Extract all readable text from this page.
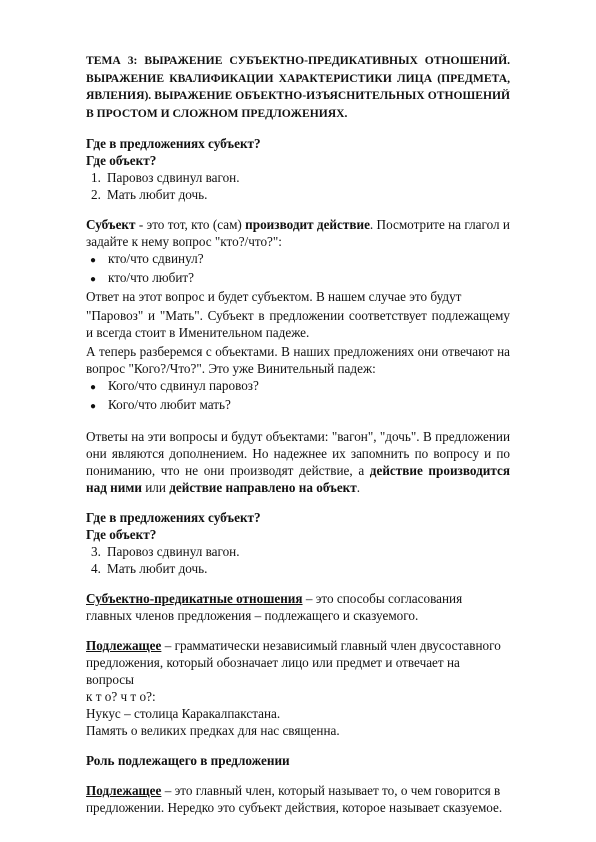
ТЕМА 3: ВЫРАЖЕНИЕ СУБЪЕКТНО-ПРЕДИКАТИВНЫХ ОТНОШЕНИЙ. ВЫРАЖЕНИЕ КВАЛИФИКАЦИИ ХАРАКТЕРИСТИКИ ЛИЦА (ПРЕДМЕТА, ЯВЛЕНИЯ). ВЫРАЖЕНИЕ ОБЪЕКТНО-ИЗЪЯСНИТЕЛЬНЫХ ОТНОШЕНИЙ В ПРОСТОМ И СЛОЖНОМ ПРЕДЛОЖЕНИЯХ.

Где в предложениях субъект?

Где объект?

1. Паровоз сдвинул вагон.
2. Мать любит дочь.

Субъект - это тот, кто (сам) производит действие. Посмотрите на глагол и задайте к нему вопрос "кто?/что?":

● кто/что сдвинул?
● кто/что любит?

Ответ на этот вопрос и будет субъектом. В нашем случае это будут

"Паровоз" и "Мать". Субъект в предложении соответствует подлежащему и всегда стоит в Именительном падеже.

А теперь разберемся с объектами. В наших предложениях они отвечают на вопрос "Кого?/Что?". Это уже Винительный падеж:

● Кого/что сдвинул паровоз?
● Кого/что любит мать?

Ответы на эти вопросы и будут объектами: "вагон", "дочь". В предложении они являются дополнением. Но надежнее их запомнить по вопросу и по пониманию, что не они производят действие, а действие производится над ними или действие направлено на объект.

Где в предложениях субъект?

Где объект?

3. Паровоз сдвинул вагон.
4. Мать любит дочь.

Субъектно-предикатные отношения – это способы согласования главных членов предложения – подлежащего и сказуемого.

Подлежащее – грамматически независимый главный член двусоставного
предложения, который обозначает лицо или предмет и отвечает на вопросы
к т о? ч т о?:
Нукус – столица Каракалпакстана.
Память о великих предках для нас священна.

Роль подлежащего в предложении

Подлежащее – это главный член, который называет то, о чем говорится в
предложении. Нередко это субъект действия, которое называет сказуемое.
